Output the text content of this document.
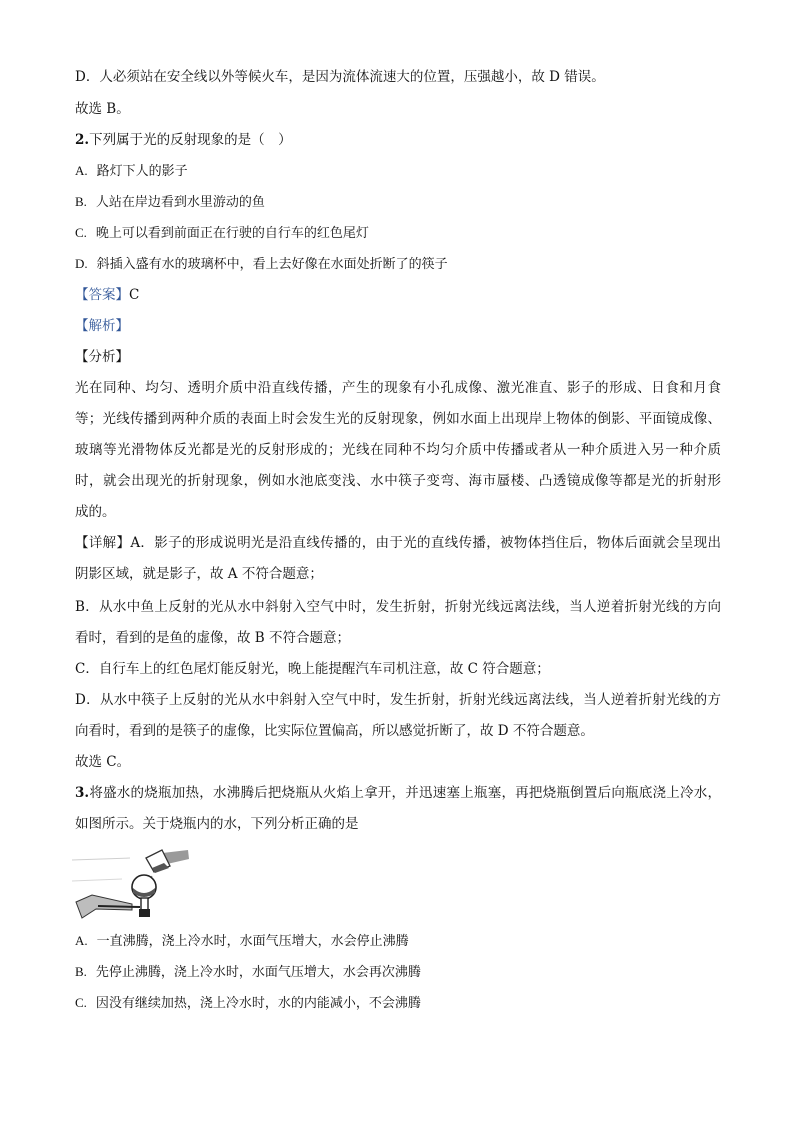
D．人必须站在安全线以外等候火车，是因为流体流速大的位置，压强越小，故 D 错误。
故选 B。
2.下列属于光的反射现象的是（　）
A. 路灯下人的影子
B. 人站在岸边看到水里游动的鱼
C. 晚上可以看到前面正在行驶的自行车的红色尾灯
D. 斜插入盛有水的玻璃杯中，看上去好像在水面处折断了的筷子
【答案】C
【解析】
【分析】
光在同种、均匀、透明介质中沿直线传播，产生的现象有小孔成像、激光准直、影子的形成、日食和月食
等；光线传播到两种介质的表面上时会发生光的反射现象，例如水面上出现岸上物体的倒影、平面镜成像、
玻璃等光滑物体反光都是光的反射形成的；光线在同种不均匀介质中传播或者从一种介质进入另一种介质
时，就会出现光的折射现象，例如水池底变浅、水中筷子变弯、海市蜃楼、凸透镜成像等都是光的折射形
成的。
【详解】A．影子的形成说明光是沿直线传播的，由于光的直线传播，被物体挡住后，物体后面就会呈现出
阴影区域，就是影子，故 A 不符合题意；
B．从水中鱼上反射的光从水中斜射入空气中时，发生折射，折射光线远离法线，当人逆着折射光线的方向
看时，看到的是鱼的虚像，故 B 不符合题意；
C．自行车上的红色尾灯能反射光，晚上能提醒汽车司机注意，故 C 符合题意；
D．从水中筷子上反射的光从水中斜射入空气中时，发生折射，折射光线远离法线，当人逆着折射光线的方
向看时，看到的是筷子的虚像，比实际位置偏高，所以感觉折断了，故 D 不符合题意。
故选 C。
3.将盛水的烧瓶加热，水沸腾后把烧瓶从火焰上拿开，并迅速塞上瓶塞，再把烧瓶倒置后向瓶底浇上冷水，
如图所示。关于烧瓶内的水，下列分析正确的是
A. 一直沸腾，浇上冷水时，水面气压增大，水会停止沸腾
B. 先停止沸腾，浇上冷水时，水面气压增大，水会再次沸腾
C. 因没有继续加热，浇上冷水时，水的内能减小，不会沸腾
